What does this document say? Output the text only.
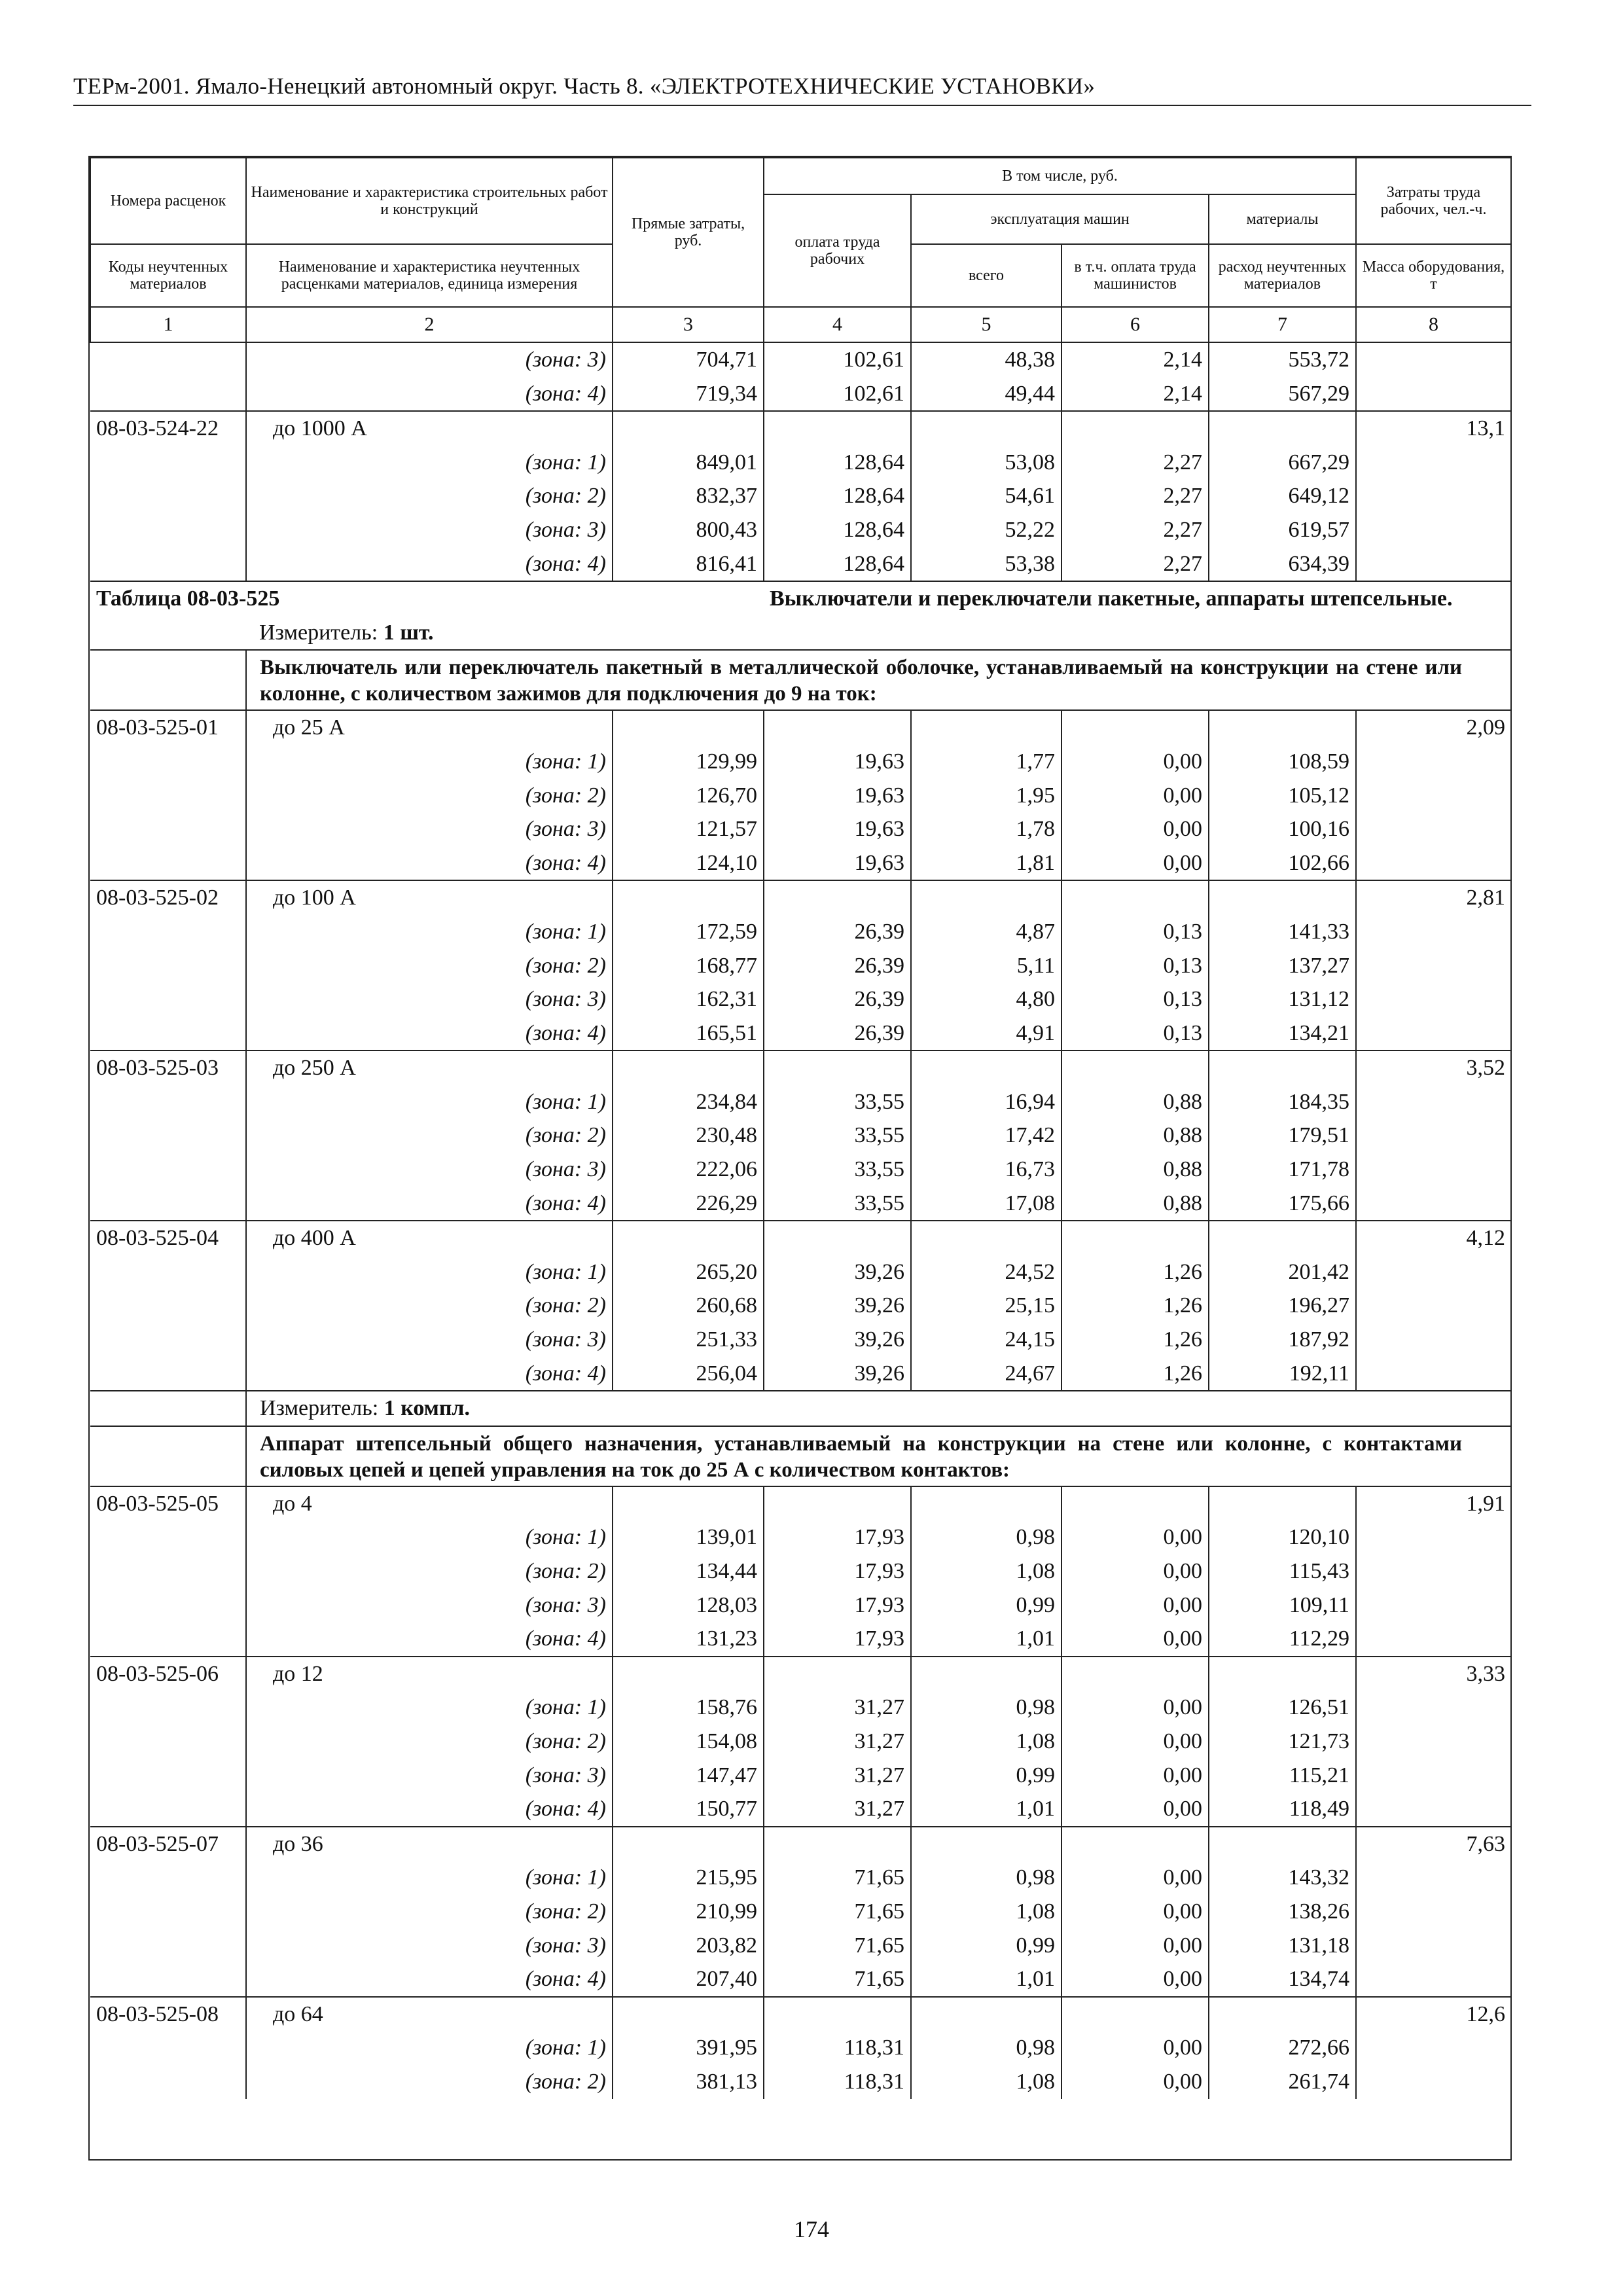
ТЕРм-2001. Ямало-Ненецкий автономный округ. Часть 8. «ЭЛЕКТРОТЕХНИЧЕСКИЕ УСТАНОВКИ»
Номера расценок	Наименование и характеристика строительных работ и конструкций	Прямые затраты, руб.	В том числе, руб.				Затраты труда рабочих, чел.-ч.
			оплата труда рабочих	эксплуатация машин		материалы	
Коды неучтенных материалов	Наименование и характеристика неучтенных расценками материалов, единица измерения			всего	в т.ч. оплата труда машинистов	расход неучтенных материалов	Масса оборудования, т
1	2	3	4	5	6	7	8
	(зона: 3)	704,71	102,61	48,38	2,14	553,72	
	(зона: 4)	719,34	102,61	49,44	2,14	567,29	
08-03-524-22	до 1000 А						13,1
	(зона: 1)	849,01	128,64	53,08	2,27	667,29	
	(зона: 2)	832,37	128,64	54,61	2,27	649,12	
	(зона: 3)	800,43	128,64	52,22	2,27	619,57	
	(зона: 4)	816,41	128,64	53,38	2,27	634,39	
Таблица 08-03-525			Выключатели и переключатели пакетные, аппараты штепсельные.				
	Измеритель: 1 шт.						
	Выключатель или переключатель пакетный в металлической оболочке, устанавливаемый на конструкции на стене или колонне, с количеством зажимов для подключения до 9 на ток:						
08-03-525-01	до 25 А						2,09
	(зона: 1)	129,99	19,63	1,77	0,00	108,59	
	(зона: 2)	126,70	19,63	1,95	0,00	105,12	
	(зона: 3)	121,57	19,63	1,78	0,00	100,16	
	(зона: 4)	124,10	19,63	1,81	0,00	102,66	
08-03-525-02	до 100 А						2,81
	(зона: 1)	172,59	26,39	4,87	0,13	141,33	
	(зона: 2)	168,77	26,39	5,11	0,13	137,27	
	(зона: 3)	162,31	26,39	4,80	0,13	131,12	
	(зона: 4)	165,51	26,39	4,91	0,13	134,21	
08-03-525-03	до 250 А						3,52
	(зона: 1)	234,84	33,55	16,94	0,88	184,35	
	(зона: 2)	230,48	33,55	17,42	0,88	179,51	
	(зона: 3)	222,06	33,55	16,73	0,88	171,78	
	(зона: 4)	226,29	33,55	17,08	0,88	175,66	
08-03-525-04	до 400 А						4,12
	(зона: 1)	265,20	39,26	24,52	1,26	201,42	
	(зона: 2)	260,68	39,26	25,15	1,26	196,27	
	(зона: 3)	251,33	39,26	24,15	1,26	187,92	
	(зона: 4)	256,04	39,26	24,67	1,26	192,11	
	Измеритель: 1 компл.						
	Аппарат штепсельный общего назначения, устанавливаемый на конструкции на стене или колонне, с контактами силовых цепей и цепей управления на ток до 25 А с количеством контактов:						
08-03-525-05	до 4						1,91
	(зона: 1)	139,01	17,93	0,98	0,00	120,10	
	(зона: 2)	134,44	17,93	1,08	0,00	115,43	
	(зона: 3)	128,03	17,93	0,99	0,00	109,11	
	(зона: 4)	131,23	17,93	1,01	0,00	112,29	
08-03-525-06	до 12						3,33
	(зона: 1)	158,76	31,27	0,98	0,00	126,51	
	(зона: 2)	154,08	31,27	1,08	0,00	121,73	
	(зона: 3)	147,47	31,27	0,99	0,00	115,21	
	(зона: 4)	150,77	31,27	1,01	0,00	118,49	
08-03-525-07	до 36						7,63
	(зона: 1)	215,95	71,65	0,98	0,00	143,32	
	(зона: 2)	210,99	71,65	1,08	0,00	138,26	
	(зона: 3)	203,82	71,65	0,99	0,00	131,18	
	(зона: 4)	207,40	71,65	1,01	0,00	134,74	
08-03-525-08	до 64						12,6
	(зона: 1)	391,95	118,31	0,98	0,00	272,66	
	(зона: 2)	381,13	118,31	1,08	0,00	261,74	
174
